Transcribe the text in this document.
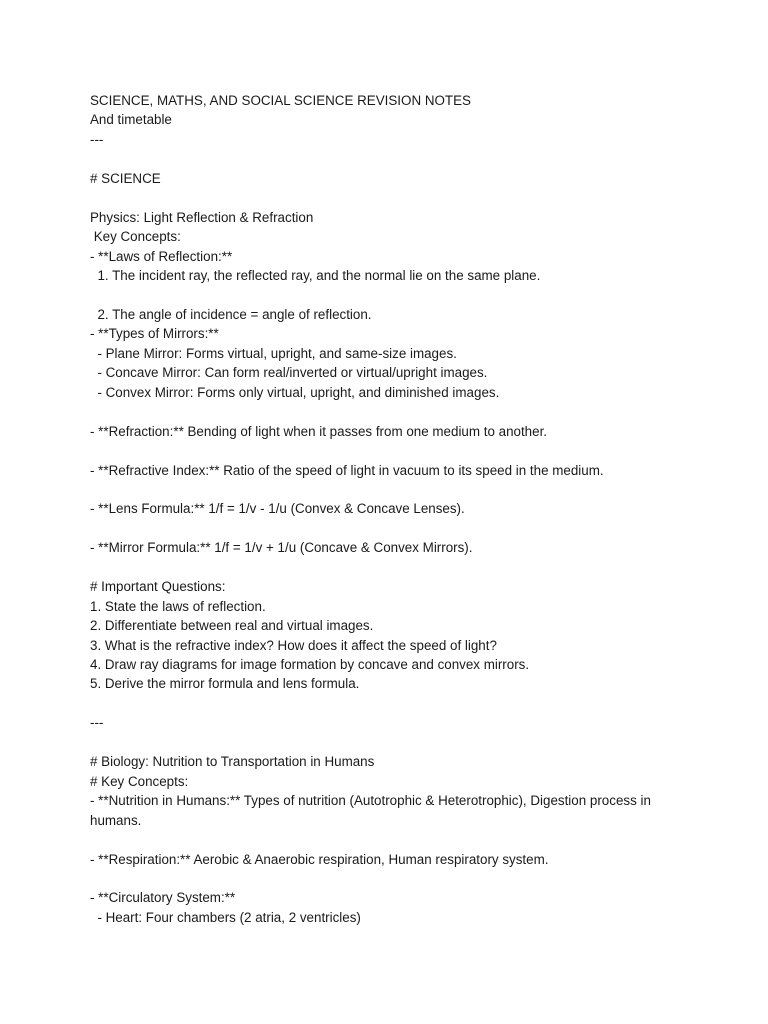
SCIENCE, MATHS, AND SOCIAL SCIENCE REVISION NOTES
And timetable
---
# SCIENCE
Physics: Light Reflection & Refraction
Key Concepts:
- **Laws of Reflection:**
1. The incident ray, the reflected ray, and the normal lie on the same plane.
2. The angle of incidence = angle of reflection.
- **Types of Mirrors:**
- Plane Mirror: Forms virtual, upright, and same-size images.
- Concave Mirror: Can form real/inverted or virtual/upright images.
- Convex Mirror: Forms only virtual, upright, and diminished images.
- **Refraction:** Bending of light when it passes from one medium to another.
- **Refractive Index:** Ratio of the speed of light in vacuum to its speed in the medium.
- **Lens Formula:** 1/f = 1/v - 1/u (Convex & Concave Lenses).
- **Mirror Formula:** 1/f = 1/v + 1/u (Concave & Convex Mirrors).
# Important Questions:
1. State the laws of reflection.
2. Differentiate between real and virtual images.
3. What is the refractive index? How does it affect the speed of light?
4. Draw ray diagrams for image formation by concave and convex mirrors.
5. Derive the mirror formula and lens formula.
---
# Biology: Nutrition to Transportation in Humans
# Key Concepts:
- **Nutrition in Humans:** Types of nutrition (Autotrophic & Heterotrophic), Digestion process in
humans.
- **Respiration:** Aerobic & Anaerobic respiration, Human respiratory system.
- **Circulatory System:**
- Heart: Four chambers (2 atria, 2 ventricles)
